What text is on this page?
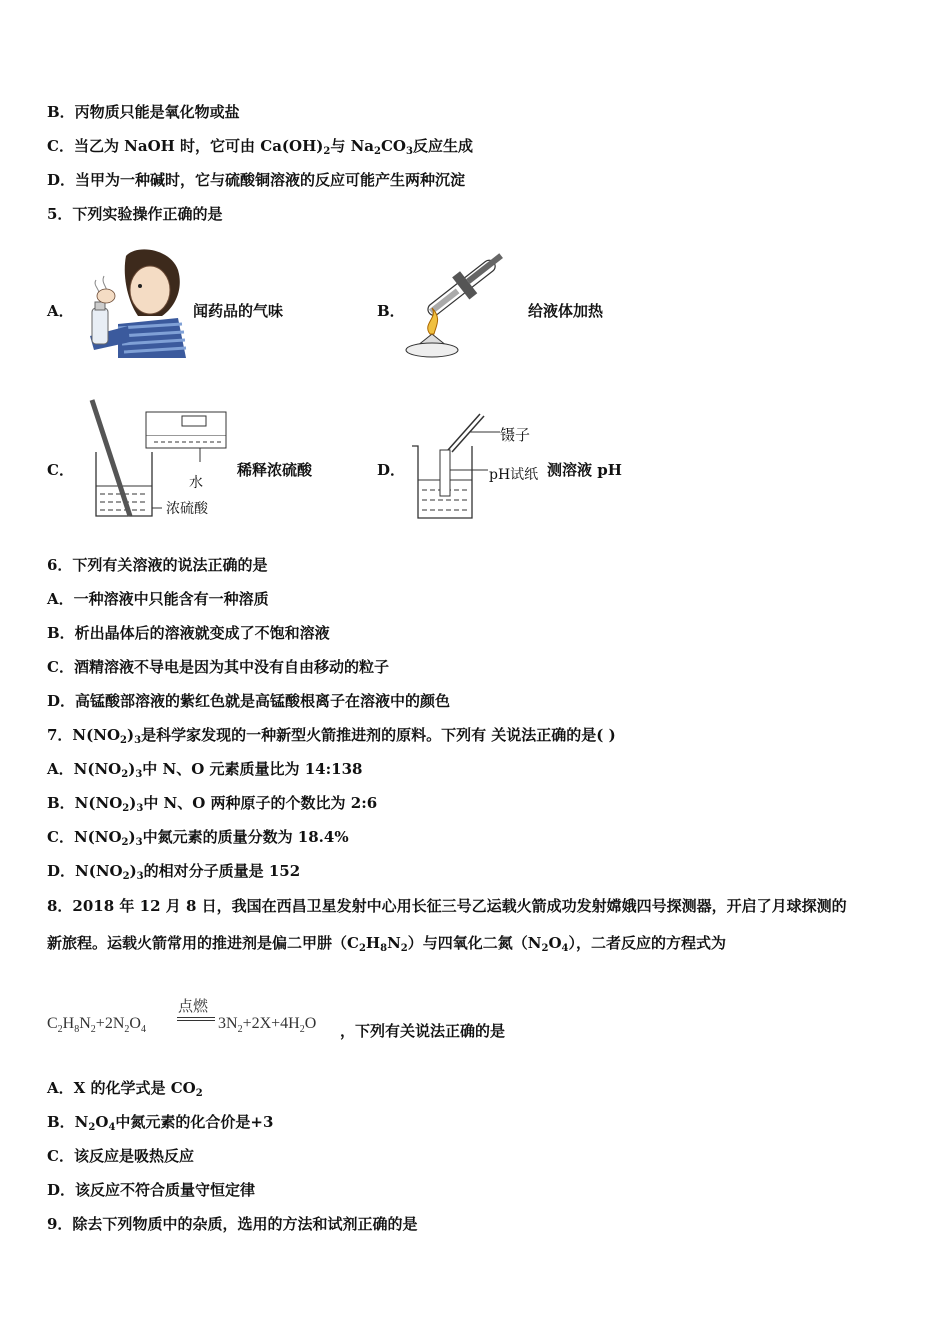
B．丙物质只能是氧化物或盐
C．当乙为 NaOH 时，它可由 $Ca(OH)_2$与 $Na_2CO_3$反应生成
D．当甲为一种碱时，它与硫酸铜溶液的反应可能产生两种沉淀
5．下列实验操作正确的是
A．	闻药品的气味	B．	给液体加热
C．
水
浓硫酸
稀释浓硫酸	D．
镊子
pH试纸 测溶液 pH
6．下列有关溶液的说法正确的是
A．一种溶液中只能含有一种溶质
B．析出晶体后的溶液就变成了不饱和溶液
C．酒精溶液不导电是因为其中没有自由移动的粒子
D．高锰酸部溶液的紫红色就是高锰酸根离子在溶液中的颜色
7．$N(NO_2)_3$是科学家发现的一种新型火箭推进剂的原料。下列有 关说法正确的是( )
A．$N(NO_2)_3$中 N、O 元素质量比为 14:138
B．$N(NO_2)_3$中 N、O 两种原子的个数比为 2:6
C．$N(NO_2)_3$中氮元素的质量分数为 18.4%
D．$N(NO_2)_3$的相对分子质量是 152
8．2018 年 12 月 8 日，我国在西昌卫星发射中心用长征三号乙运载火箭成功发射嫦娥四号探测器，开启了月球探测的
新旅程。运载火箭常用的推进剂是偏二甲肼$(C_2H_8N_2)$与四氧化二氮$(N_2O_4)$，二者反应的方程式为
$C_2H_8N_2+2N_2O_4$
点燃
$3N_2+2X+4H_2O$ ，下列有关说法正确的是
A．X 的化学式是 $CO_2$
B．$N_2O_4$中氮元素的化合价是+3
C．该反应是吸热反应
D．该反应不符合质量守恒定律
9．除去下列物质中的杂质，选用的方法和试剂正确的是
